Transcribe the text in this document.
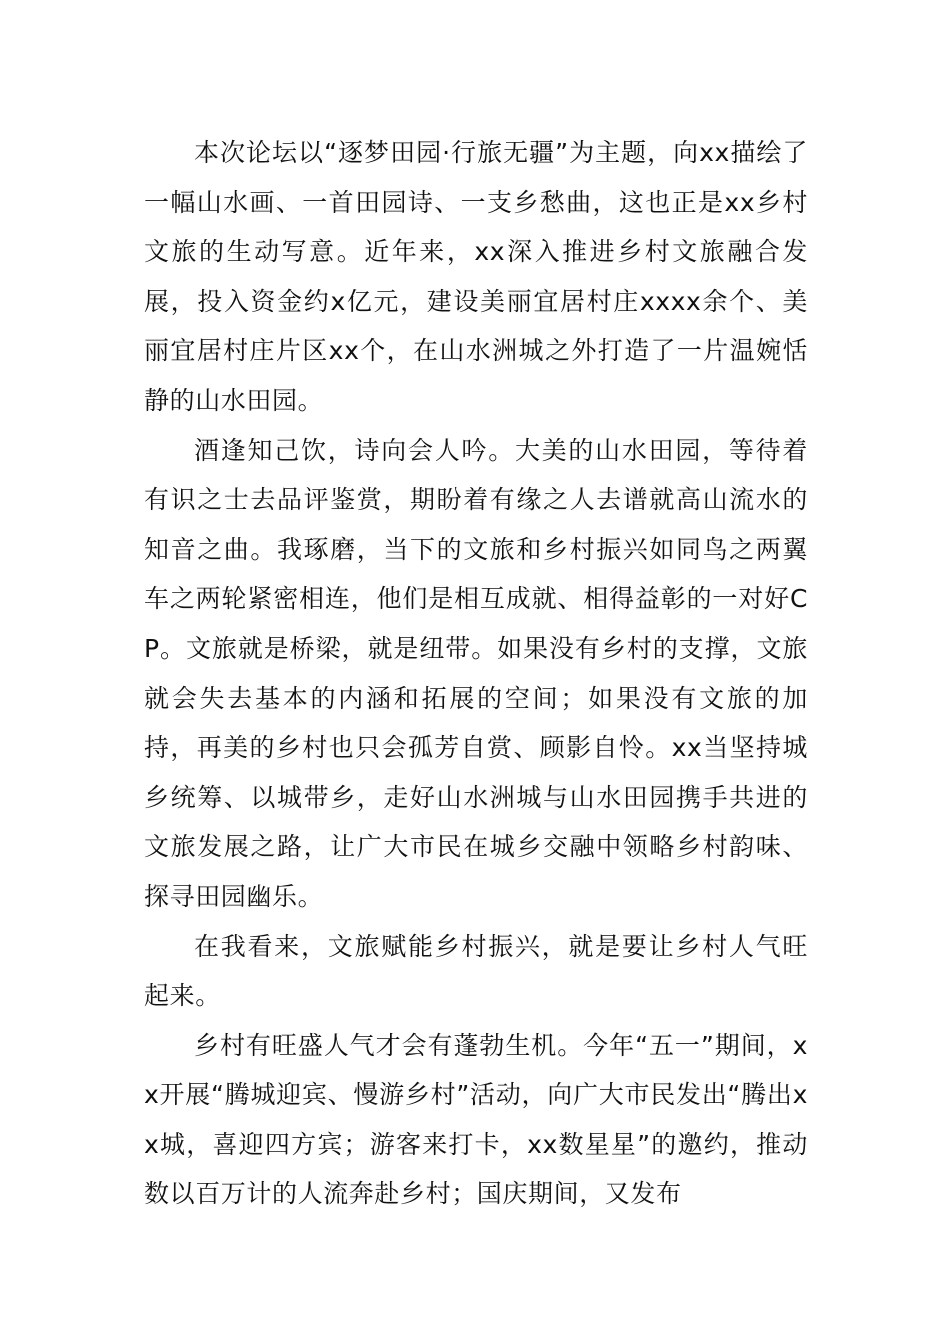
本次论坛以“逐梦田园·行旅无疆”为主题，向xx描绘了一幅山水画、一首田园诗、一支乡愁曲，这也正是xx乡村文旅的生动写意。近年来，xx深入推进乡村文旅融合发展，投入资金约x亿元，建设美丽宜居村庄xxxx余个、美丽宜居村庄片区xx个，在山水洲城之外打造了一片温婉恬静的山水田园。

酒逢知己饮，诗向会人吟。大美的山水田园，等待着有识之士去品评鉴赏，期盼着有缘之人去谱就高山流水的知音之曲。我琢磨，当下的文旅和乡村振兴如同鸟之两翼车之两轮紧密相连，他们是相互成就、相得益彰的一对好CP。文旅就是桥梁，就是纽带。如果没有乡村的支撑，文旅就会失去基本的内涵和拓展的空间；如果没有文旅的加持，再美的乡村也只会孤芳自赏、顾影自怜。xx当坚持城乡统筹、以城带乡，走好山水洲城与山水田园携手共进的文旅发展之路，让广大市民在城乡交融中领略乡村韵味、探寻田园幽乐。

在我看来，文旅赋能乡村振兴，就是要让乡村人气旺起来。

乡村有旺盛人气才会有蓬勃生机。今年“五一”期间，xx开展“腾城迎宾、慢游乡村”活动，向广大市民发出“腾出xx城，喜迎四方宾；游客来打卡，xx数星星”的邀约，推动数以百万计的人流奔赴乡村；国庆期间，又发布
